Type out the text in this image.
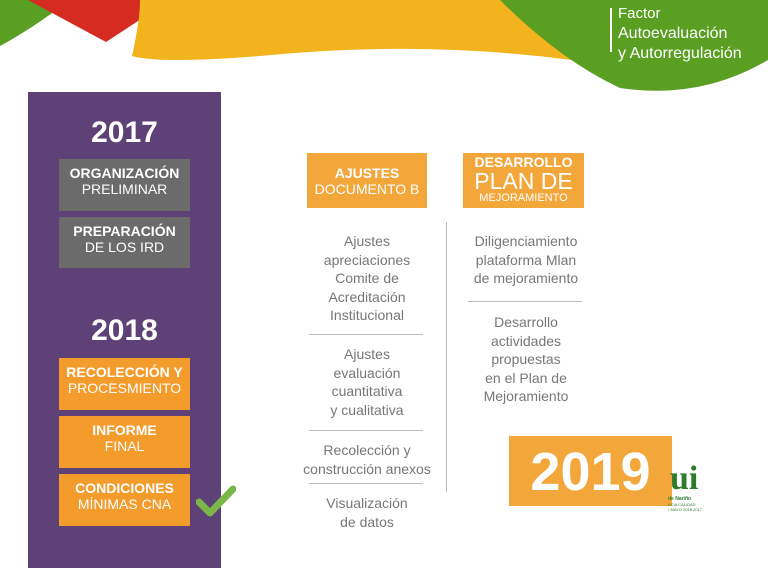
Factor
Autoevaluación
y Autorregulación
2017
ORGANIZACIÓN
PRELIMINAR
PREPARACIÓN
DE LOS IRD
2018
RECOLECCIÓN Y
PROCESMIENTO
INFORME
FINAL
CONDICIONES
MÍNIMAS CNA
AJUSTES
DOCUMENTO B
Ajustes
apreciaciones
Comite de
Acreditación
Institucional
Ajustes
evaluación
cuantitativa
y cualitativa
Recolección y
construcción anexos
Visualización
de datos
DESARROLLO
PLAN DE
MEJORAMIENTO
Diligenciamiento
plataforma Mlan
de mejoramiento
Desarrollo
actividades
propuestas
en el Plan de
Mejoramiento
2019 ui
de Nariño
ACIA CALIDAD
• MAYO 2018 2017
